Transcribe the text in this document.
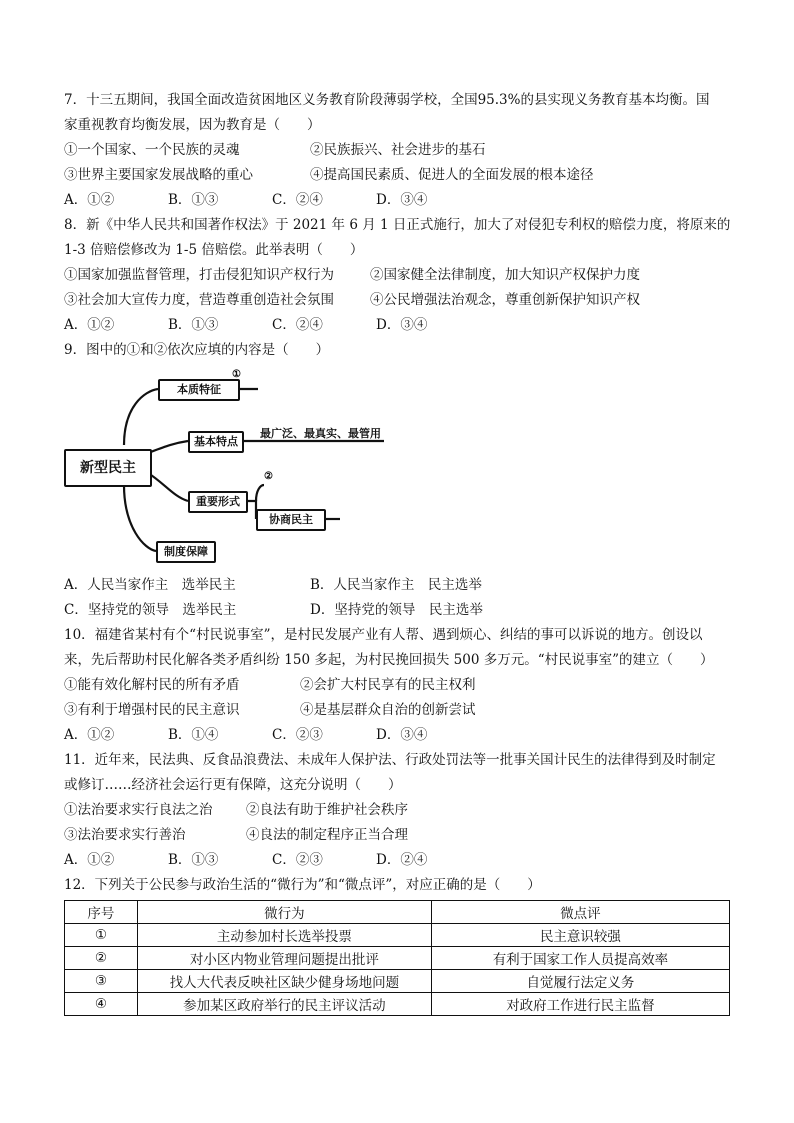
7．十三五期间，我国全面改造贫困地区义务教育阶段薄弱学校，全国95.3%的县实现义务教育基本均衡。国
家重视教育均衡发展，因为教育是（　　）
①一个国家、一个民族的灵魂	②民族振兴、社会进步的基石
③世界主要国家发展战略的重心	④提高国民素质、促进人的全面发展的根本途径
A．①②	B．①③	C．②④	D．③④
8．新《中华人民共和国著作权法》于 2021 年 6 月 1 日正式施行，加大了对侵犯专利权的赔偿力度，将原来的
1-3 倍赔偿修改为 1-5 倍赔偿。此举表明（　　）
①国家加强监督管理，打击侵犯知识产权行为	②国家健全法律制度，加大知识产权保护力度
③社会加大宣传力度，营造尊重创造社会氛围	④公民增强法治观念，尊重创新保护知识产权
A．①②	B．①③	C．②④	D．③④
9．图中的①和②依次应填的内容是（　　）
新型民主
本质特征
①
基本特点
最广泛、最真实、最管用
重要形式
②
协商民主
制度保障
A．人民当家作主　选举民主	B．人民当家作主　民主选举
C．坚持党的领导　选举民主	D．坚持党的领导　民主选举
10．福建省某村有个“村民说事室”，是村民发展产业有人帮、遇到烦心、纠结的事可以诉说的地方。创设以
来，先后帮助村民化解各类矛盾纠纷 150 多起，为村民挽回损失 500 多万元。“村民说事室”的建立（　　）
①能有效化解村民的所有矛盾	②会扩大村民享有的民主权利
③有利于增强村民的民主意识	④是基层群众自治的创新尝试
A．①②	B．①④	C．②③	D．③④
11．近年来，民法典、反食品浪费法、未成年人保护法、行政处罚法等一批事关国计民生的法律得到及时制定
或修订……经济社会运行更有保障，这充分说明（　　）
①法治要求实行良法之治	②良法有助于维护社会秩序
③法治要求实行善治	④良法的制定程序正当合理
A．①②	B．①③	C．②③	D．②④
12．下列关于公民参与政治生活的“微行为”和“微点评”，对应正确的是（　　）
序号	微行为	微点评
①	主动参加村长选举投票	民主意识较强
②	对小区内物业管理问题提出批评	有利于国家工作人员提高效率
③	找人大代表反映社区缺少健身场地问题	自觉履行法定义务
④	参加某区政府举行的民主评议活动	对政府工作进行民主监督
